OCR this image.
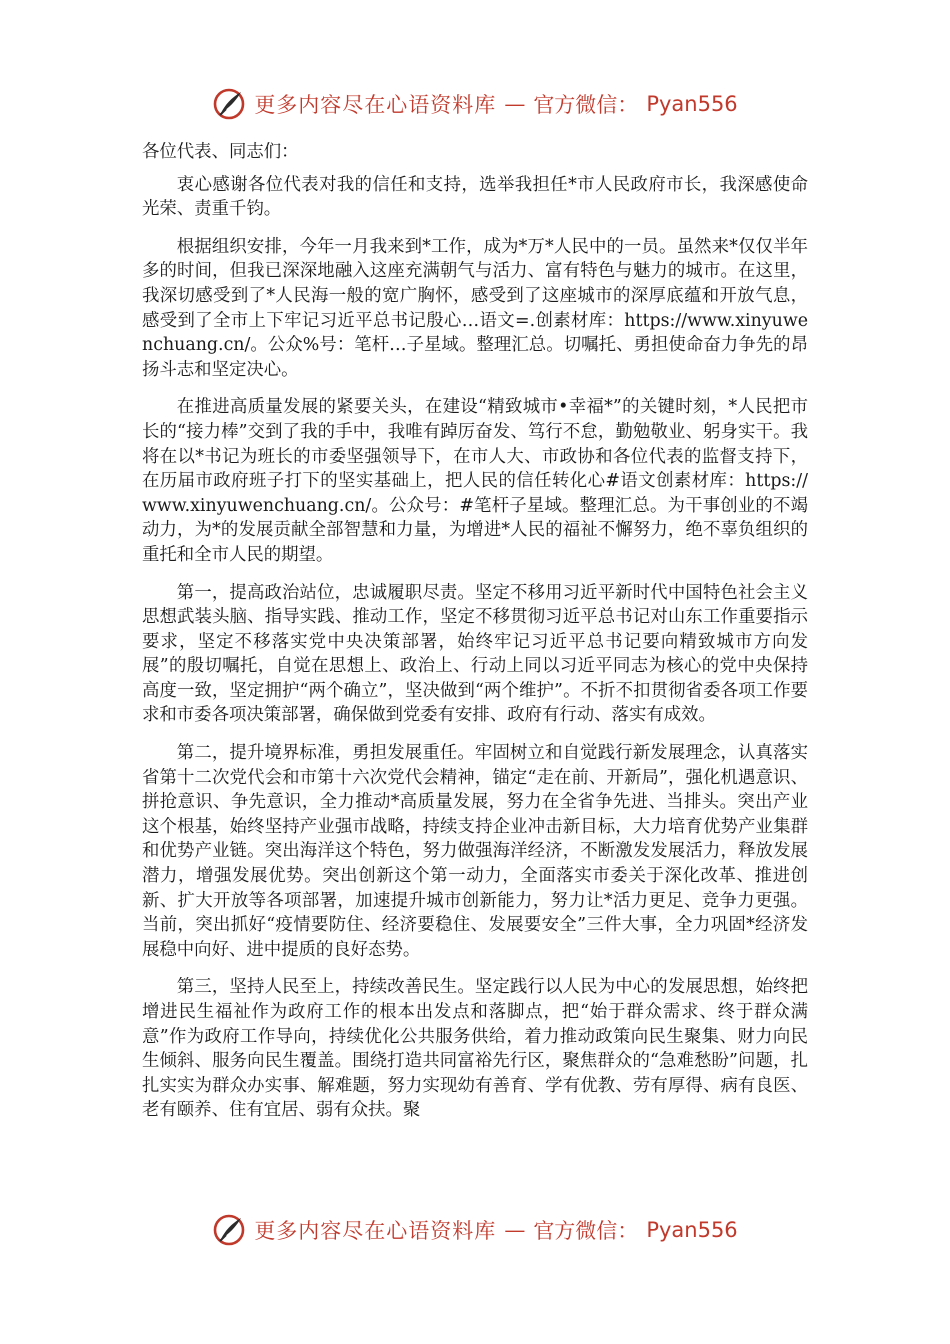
更多内容尽在心语资料库 — 官方微信： Pyan556

各位代表、同志们：

衷心感谢各位代表对我的信任和支持，选举我担任*市人民政府市长，我深感使命光荣、责重千钧。

根据组织安排，今年一月我来到*工作，成为*万*人民中的一员。虽然来*仅仅半年多的时间，但我已深深地融入这座充满朝气与活力、富有特色与魅力的城市。在这里，我深切感受到了*人民海一般的宽广胸怀，感受到了这座城市的深厚底蕴和开放气息，感受到了全市上下牢记习近平总书记殷心…语文=.创素材库：https://www.xinyuwenchuang.cn/。公众%号：笔杆…子星域。整理汇总。切嘱托、勇担使命奋力争先的昂扬斗志和坚定决心。

在推进高质量发展的紧要关头，在建设“精致城市•幸福*”的关键时刻，*人民把市长的“接力棒”交到了我的手中，我唯有踔厉奋发、笃行不怠，勤勉敬业、躬身实干。我将在以*书记为班长的市委坚强领导下，在市人大、市政协和各位代表的监督支持下，在历届市政府班子打下的坚实基础上，把人民的信任转化心#语文创素材库：https://www.xinyuwenchuang.cn/。公众号：#笔杆子星域。整理汇总。为干事创业的不竭动力，为*的发展贡献全部智慧和力量，为增进*人民的福祉不懈努力，绝不辜负组织的重托和全市人民的期望。

第一，提高政治站位，忠诚履职尽责。坚定不移用习近平新时代中国特色社会主义思想武装头脑、指导实践、推动工作，坚定不移贯彻习近平总书记对山东工作重要指示要求，坚定不移落实党中央决策部署，始终牢记习近平总书记要向精致城市方向发展”的殷切嘱托，自觉在思想上、政治上、行动上同以习近平同志为核心的党中央保持高度一致，坚定拥护“两个确立”，坚决做到“两个维护”。不折不扣贯彻省委各项工作要求和市委各项决策部署，确保做到党委有安排、政府有行动、落实有成效。

第二，提升境界标准，勇担发展重任。牢固树立和自觉践行新发展理念，认真落实省第十二次党代会和市第十六次党代会精神，锚定“走在前、开新局”，强化机遇意识、拼抢意识、争先意识，全力推动*高质量发展，努力在全省争先进、当排头。突出产业这个根基，始终坚持产业强市战略，持续支持企业冲击新目标，大力培育优势产业集群和优势产业链。突出海洋这个特色，努力做强海洋经济，不断激发发展活力，释放发展潜力，增强发展优势。突出创新这个第一动力，全面落实市委关于深化改革、推进创新、扩大开放等各项部署，加速提升城市创新能力，努力让*活力更足、竞争力更强。当前，突出抓好“疫情要防住、经济要稳住、发展要安全”三件大事，全力巩固*经济发展稳中向好、进中提质的良好态势。

第三，坚持人民至上，持续改善民生。坚定践行以人民为中心的发展思想，始终把增进民生福祉作为政府工作的根本出发点和落脚点，把“始于群众需求、终于群众满意”作为政府工作导向，持续优化公共服务供给，着力推动政策向民生聚集、财力向民生倾斜、服务向民生覆盖。围绕打造共同富裕先行区，聚焦群众的“急难愁盼”问题，扎扎实实为群众办实事、解难题，努力实现幼有善育、学有优教、劳有厚得、病有良医、老有颐养、住有宜居、弱有众扶。聚

更多内容尽在心语资料库 — 官方微信： Pyan556
